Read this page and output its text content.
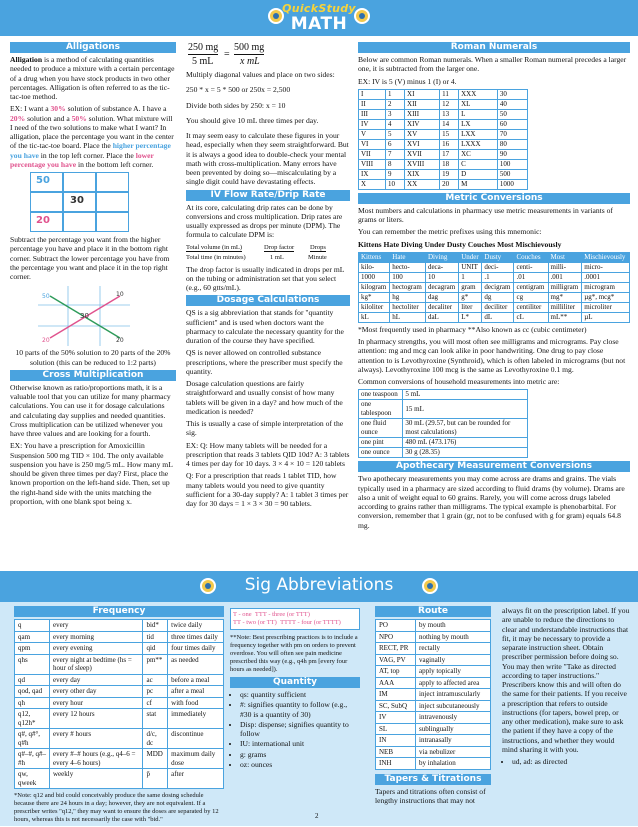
QuickStudy
MATH
Alligations

Alligation is a method of calculating quantities needed to produce a mixture with a certain percentage of a drug when you have stock products in two other percentages. Alligation is often referred to as the tic-tac-toe method.

EX: I want a 30% solution of substance A. I have a 20% solution and a 50% solution. What mixture will I need of the two solutions to make what I want? In alligation, place the percentage you want in the center of the tic-tac-toe board. Place the higher percentage you have in the top left corner. Place the lower percentage you have in the bottom left corner.

50
30
20

Subtract the percentage you want from the higher percentage you have and place it in the bottom right corner. Subtract the lower percentage you have from the percentage you want and place it in the top right corner.

50	10
30
20	20

10 parts of the 50% solution to 20 parts of the 20% solution (this can be reduced to 1:2 parts)

Cross Multiplication

Otherwise known as ratio/proportions math, it is a valuable tool that you can utilize for many pharmacy calculations. You can use it for dosage calculations and calculating day supplies and needed quantities. Cross multiplication can be utilized whenever you have three values and are looking for a fourth.

EX: You have a prescription for Amoxicillin Suspension 500 mg TID × 10d. The only available suspension you have is 250 mg/5 mL. How many mL should be given three times per day? First, place the known proportion on the left-hand side. Then, set up the right-hand side with the units matching the proportion, with one blank spot being x.

250 mg
5 mL
=
500 mg
x mL

Multiply diagonal values and place on two sides:

250 * x = 5 * 500 or 250x = 2,500

Divide both sides by 250: x = 10

You should give 10 mL three times per day.

It may seem easy to calculate these figures in your head, especially when they seem straightforward. But it is always a good idea to double-check your mental math with cross-multiplication. Many errors have been prevented by doing so—miscalculating by a single digit could have devastating effects.

IV Flow Rate/Drip Rate

At its core, calculating drip rates can be done by conversions and cross multiplication. Drip rates are usually expressed as drops per minute (DPM). The formula to calculate DPM is:

Total volume (in mL)
Total time (in minutes)
Drop factor
1 mL
Drops
Minute

The drop factor is usually indicated in drops per mL on the tubing or administration set that you select (e.g., 60 gtts/mL).

Dosage Calculations

QS is a sig abbreviation that stands for "quantity sufficient" and is used when doctors want the pharmacy to calculate the necessary quantity for the duration of the course they have specified.

QS is never allowed on controlled substance prescriptions, where the prescriber must specify the quantity.

Dosage calculation questions are fairly straightforward and usually consist of how many tablets will be given in a day? and how much of the medication is needed?

This is usually a case of simple interpretation of the sig.

EX: Q: How many tablets will be needed for a prescription that reads 3 tablets QID 10d? A: 3 tablets 4 times per day for 10 days. 3 × 4 × 10 = 120 tablets

Q: For a prescription that reads 1 tablet TID, how many tablets would you need to give quantity sufficient for a 30-day supply? A: 1 tablet 3 times per day for 30 days = 1 × 3 × 30 = 90 tablets.

Roman Numerals

Below are common Roman numerals. When a smaller Roman numeral precedes a larger one, it is subtracted from the larger one.

EX: IV is 5 (V) minus 1 (I) or 4.

I	1	XI	11	XXX	30
II	2	XII	12	XL	40
III	3	XIII	13	L	50
IV	4	XIV	14	LX	60
V	5	XV	15	LXX	70
VI	6	XVI	16	LXXX	80
VII	7	XVII	17	XC	90
VIII	8	XVIII	18	C	100
IX	9	XIX	19	D	500
X	10	XX	20	M	1000
Metric Conversions

Most numbers and calculations in pharmacy use metric measurements in variants of grams or liters.

You can remember the metric prefixes using this mnemonic:

Kittens Hate Diving Under Dusty Couches Most Mischievously

Kittens	Hate	Diving	Under	Dusty	Couches	Most	Mischievously
kilo-	hecto-	deca-	UNIT	deci-	centi-	milli-	micro-
1000	100	10	1	.1	.01	.001	.0001
kilogram	hectogram	decagram	gram	decigram	centigram	milligram	microgram
kg*	hg	dag	g*	dg	cg	mg*	µg*, mcg*
kiloliter	hectoliter	decaliter	liter	deciliter	centiliter	milliliter	microliter
kL	hL	daL	L*	dL	cL	mL**	µL

*Most frequently used in pharmacy **Also known as cc (cubic centimeter)

In pharmacy strengths, you will most often see milligrams and micrograms. Pay close attention: mg and mcg can look alike in poor handwriting. One drug to pay close attention to is Levothyroxine (Synthroid), which is often labeled in micrograms (but not always). Levothyroxine 100 mcg is the same as Levothyroxine 0.1 mg.

Common conversions of household measurements into metric are:

one teaspoon	5 mL
one tablespoon	15 mL
one fluid ounce	30 mL (29.57, but can be rounded for most calculations)
one pint	480 mL (473.176)
one ounce	30 g (28.35)
Apothecary Measurement Conversions

Two apothecary measurements you may come across are drams and grains. The vials typically used in a pharmacy are sized according to fluid drams (by volume). Drams are also a unit of weight equal to 60 grains. Rarely, you will come across drugs labeled according to grains rather than milligrams. The typical example is phenobarbital. For conversion, remember that 1 grain (gr, not to be confused with g for gram) equals 64.8 mg.

Sig Abbreviations
Frequency
q	every	bid*	twice daily
qam	every morning	tid	three times daily
qpm	every evening	qid	four times daily
qhs	every night at bedtime (hs = hour of sleep)	pm**	as needed
qd	every day	ac	before a meal
qod, qad	every other day	pc	after a meal
qh	every hour	cf	with food
q12, q12h*	every 12 hours	stat	immediately
q#, q#°, q#h	every # hours	d/c, dc	discontinue
q#–#, q#–#h	every #–# hours (e.g., q4–6 = every 4–6 hours)	MDD	maximum daily dose
qw, qweek	weekly	p̄	after

*Note: q12 and bid could conceivably produce the same dosing schedule because there are 24 hours in a day; however, they are not equivalent. If a prescriber writes "q12," they may want to ensure the doses are separated by 12 hours, whereas this is not necessarily the case with "bid."

T - one TTT - three (or TTT)
TT - two (or TT) TTTT - four (or TTTT)

**Note: Best prescribing practices is to include a frequency together with pm on orders to prevent overdose. You will often see pain medicine prescribed this way (e.g., q4h pm [every four hours as needed]).

Quantity
• qs: quantity sufficient
• #: signifies quantity to follow (e.g., #30 is a quantity of 30)
• Disp: dispense; signifies quantity to follow
• IU: international unit
• g: grams
• oz: ounces
Route
PO	by mouth
NPO	nothing by mouth
RECT, PR	rectally
VAG, PV	vaginally
AT, top	apply topically
AAA	apply to affected area
IM	inject intramuscularly
SC, SubQ	inject subcutaneously
IV	intravenously
SL	sublingually
IN	intranasally
NEB	via nebulizer
INH	by inhalation
Tapers & Titrations

Tapers and titrations often consist of lengthy instructions that may not

always fit on the prescription label. If you are unable to reduce the directions to clear and understandable instructions that fit, it may be necessary to provide a separate instruction sheet. Obtain prescriber permission before doing so. You may then write "Take as directed according to taper instructions." Prescribers know this and will often do the same for their patients. If you receive a prescription that refers to outside instructions (for tapers, bowel prep, or any other medication), make sure to ask the patient if they have a copy of the instructions, and whether they would mind sharing it with you.

• ud, ad: as directed
2
